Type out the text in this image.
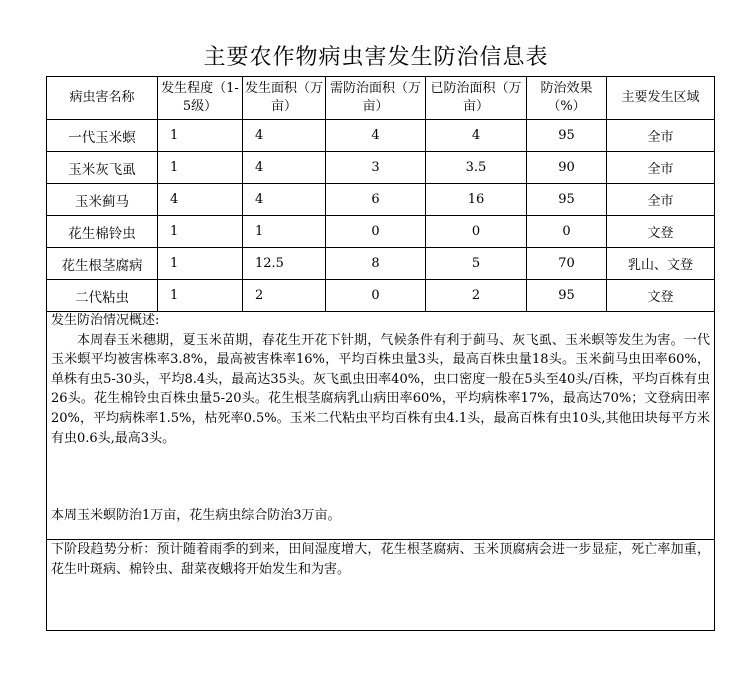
主要农作物病虫害发生防治信息表
病虫害名称	发生程度（1-5级）	发生面积（万亩）	需防治面积（万亩）	已防治面积（万亩）	防治效果（%）	主要发生区域
一代玉米螟	1	4	4	4	95	全市
玉米灰飞虱	1	4	3	3.5	90	全市
玉米蓟马	4	4	6	16	95	全市
花生棉铃虫	1	1	0	0	0	文登
花生根茎腐病	1	12.5	8	5	70	乳山、文登
二代粘虫	1	2	0	2	95	文登

发生防治情况概述:

本周春玉米穗期，夏玉米苗期，春花生开花下针期，气候条件有利于蓟马、灰飞虱、玉米螟等发生为害。一代玉米螟平均被害株率3.8%，最高被害株率16%，平均百株虫量3头，最高百株虫量18头。玉米蓟马虫田率60%，单株有虫5-30头，平均8.4头，最高达35头。灰飞虱虫田率40%，虫口密度一般在5头至40头/百株，平均百株有虫26头。花生棉铃虫百株虫量5-20头。花生根茎腐病乳山病田率60%，平均病株率17%，最高达70%；文登病田率20%，平均病株率1.5%，枯死率0.5%。玉米二代粘虫平均百株有虫4.1头，最高百株有虫10头,其他田块每平方米有虫0.6头,最高3头。

本周玉米螟防治1万亩，花生病虫综合防治3万亩。

下阶段趋势分析：预计随着雨季的到来，田间湿度增大，花生根茎腐病、玉米顶腐病会进一步显症，死亡率加重，花生叶斑病、棉铃虫、甜菜夜蛾将开始发生和为害。
